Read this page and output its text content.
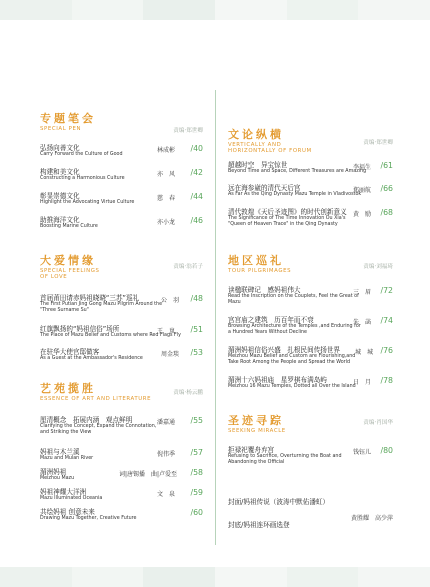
专题笔会
SPECIAL PEN	责编·郑世卿
弘扬向善文化
Carry Forward the Culture of Good
林成彬 /40
构建和美文化
Constructing a Harmonious Culture
亦　风 /42
彰显崇德文化
Highlight the Advocating Virtue Culture
慈　春 /44
助推海洋文化
Boosting Marine Culture
亦小龙 /46
大爱情缘
SPECIAL FEELINGS
OF LOVE
责编·翁若子
首届莆田请赤妈祖晓晓“三苏”巡礼
The First Putian Jing Gong Mazu Pilgrim Around the "Three Surname Su"
公　羽 /48
红旗飘扬的“妈祖信俗”场所
The Place of Mazu Belief and Customs where Red Flags Fly
王　岚 /51
在驻华大使官邸做客
As a Guest at the Ambassador's Residence
周金琰 /53
艺苑揽胜
ESSENCE OF ART AND LITERATURE
责编·杨云鹏
厘清概念　拓展内涵　观点鲜明
Clarifying the Concept, Expand the Connotation, and Striking the View
潘嘉通 /55
妈祖与木兰溪
Mazu and Mulan River
倪伟季 /57
湄洲妈祖
Meizhou Mazu
词|唐锡播　曲|卢爱至 /58
妈祖神耀大洋洲
Mazu Illuminated Oceania
文　泉 /59
共绘妈祖 创意未来
Drawing Mazu Together, Creative Future
/60
文论纵横
VERTICALLY AND
HORIZONTALLY OF FORUM
责编·郑世卿
超越时空　异宝惊世
Beyond Time and Space, Different Treasures are Amazing
李福生 /61
远在海参崴的清代天后宫
As Far As the Qing Dynasty Mazu Temple in Vladivostok
郑丽航 /66
清代敦煌《天后圣迹图》的时代创新意义
The Significance of The Time Innovation Ou Xia's "Queen of Heaven Trace" in the Qing Dynasty
黄　励 /68
地区巡礼
TOUR PILGRIMAGES
责编·刘福琦
读楹联碑记　感妈祖伟大
Read the Inscription on the Couplets, Feel the Great of Mazu
三　眉 /72
宫宫庙之建筑　历百年而不衰
Browsing Architecture of the Temples ,and Enduring for a Hundred Years Without Decline
朱　菡 /74
湄洲妈祖信俗兴盛　扎根民间传扬世界
Meizhou Mazu Belief and Custom are Flourishing,and Take Root Among the People and Spread the World
城　城 /76
湄洲十六妈祖庙　星罗棋布满岛屿
Meizhou 16 Mazu Temples, Dotted all Over the Island
日　月 /78
圣迹寻踪
SEEKING MIRACLE
责编·肖国华
拒禄祀覆舟弃宫
Refusing to Sacrifice, Overturning the Boat and Abandoning the Official
钱钰儿 /80
封面/妈祖传说（波涛中默佑潘虹）
封底/妈祖连环画选登
黄胜耀　高少萍
